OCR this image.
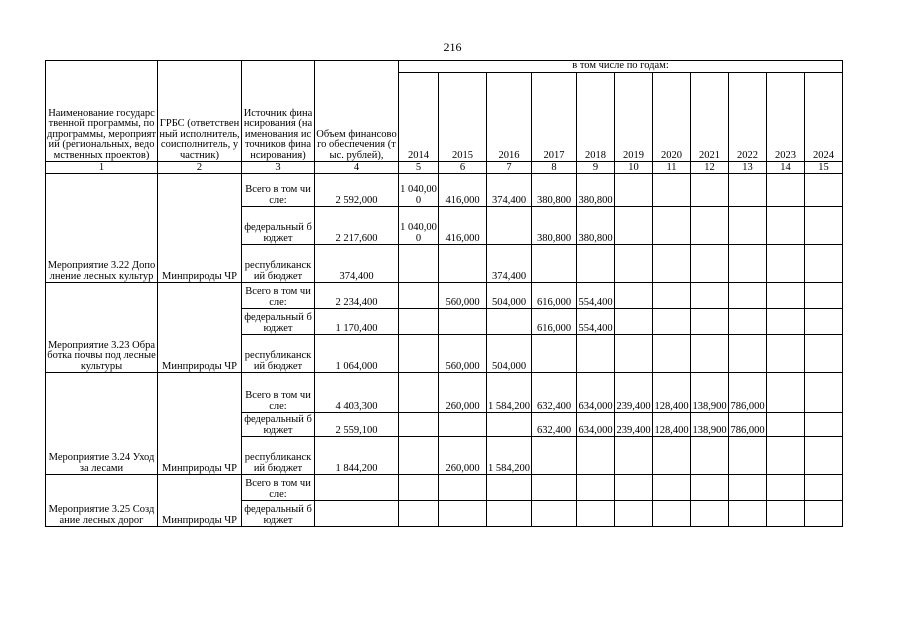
216
Наименование государственной программы, подпрограммы, мероприятий (региональных, ведомственных проектов)	ГРБС (ответственный исполнитель, соисполнитель, участник)	Источник финансирования (наименования источников финансирования)	Объем финансового обеспечения (тыс. рублей),	в том числе по годам:										
				2014	2015	2016	2017	2018	2019	2020	2021	2022	2023	2024
1	2	3	4	5	6	7	8	9	10	11	12	13	14	15
Мероприятие 3.22 Дополнение лесных культур	Минприроды ЧР	Всего в том числе:	2 592,000	1 040,000	416,000	374,400	380,800	380,800						
		федеральный бюджет	2 217,600	1 040,000	416,000		380,800	380,800						
		республиканский бюджет	374,400			374,400								
Мероприятие 3.23 Обработка почвы под лесные культуры	Минприроды ЧР	Всего в том числе:	2 234,400		560,000	504,000	616,000	554,400						
		федеральный бюджет	1 170,400				616,000	554,400						
		республиканский бюджет	1 064,000		560,000	504,000								
Мероприятие 3.24 Уход за лесами	Минприроды ЧР	Всего в том числе:	4 403,300		260,000	1 584,200	632,400	634,000	239,400	128,400	138,900	786,000		
		федеральный бюджет	2 559,100				632,400	634,000	239,400	128,400	138,900	786,000		
		республиканский бюджет	1 844,200		260,000	1 584,200								
Мероприятие 3.25 Создание лесных дорог	Минприроды ЧР	Всего в том числе:												
		федеральный бюджет												
